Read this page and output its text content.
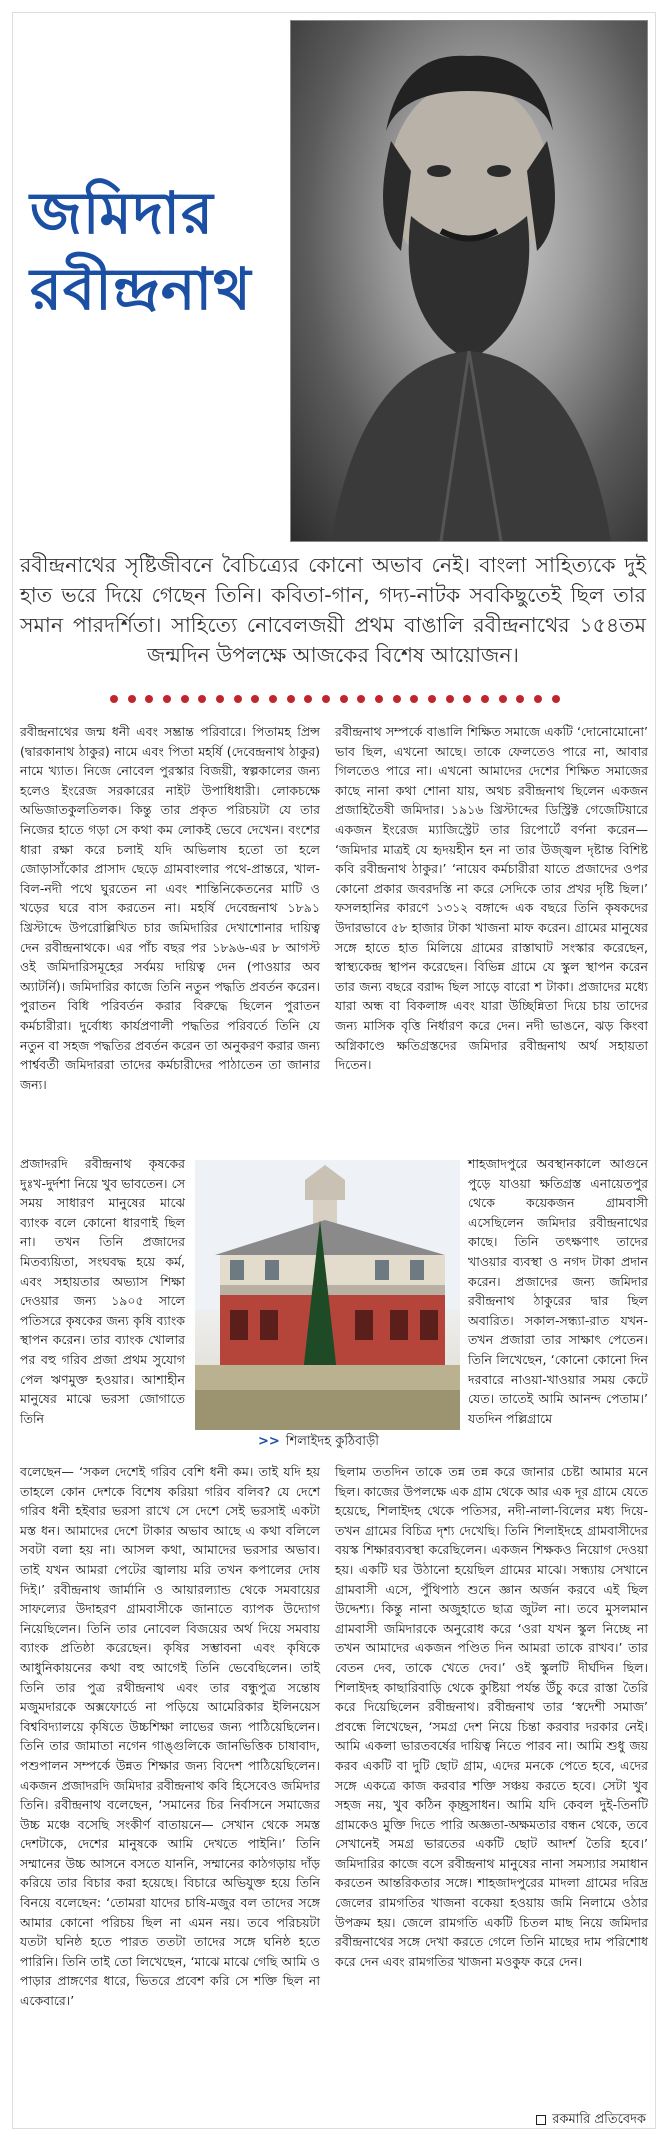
জমিদার
রবীন্দ্রনাথ
রবীন্দ্রনাথের সৃষ্টিজীবনে বৈচিত্র্যের কোনো অভাব নেই। বাংলা সাহিত্যকে দুই হাত ভরে দিয়ে গেছেন তিনি। কবিতা-গান, গদ্য-নাটক সবকিছুতেই ছিল তার সমান পারদর্শিতা। সাহিত্যে নোবেলজয়ী প্রথম বাঙালি রবীন্দ্রনাথের ১৫৪তম জন্মদিন উপলক্ষে আজকের বিশেষ আয়োজন।

রবীন্দ্রনাথের জন্ম ধনী এবং সম্ভ্রান্ত পরিবারে। পিতামহ প্রিন্স (দ্বারকানাথ ঠাকুর) নামে এবং পিতা মহর্ষি (দেবেন্দ্রনাথ ঠাকুর) নামে খ্যাত। নিজে নোবেল পুরস্কার বিজয়ী, স্বল্পকালের জন্য হলেও ইংরেজ সরকারের নাইট উপাধিধারী। লোকচক্ষে অভিজাতকুলতিলক। কিন্তু তার প্রকৃত পরিচয়টা যে তার নিজের হাতে গড়া সে কথা কম লোকই ভেবে দেখেন। বংশের ধারা রক্ষা করে চলাই যদি অভিলাষ হতো তা হলে জোড়াসাঁকোর প্রাসাদ ছেড়ে গ্রামবাংলার পথে-প্রান্তরে, খাল-বিল-নদী পথে ঘুরতেন না এবং শান্তিনিকেতনের মাটি ও খড়ের ঘরে বাস করতেন না। মহর্ষি দেবেন্দ্রনাথ ১৮৯১ খ্রিস্টাব্দে উপরোল্লিখিত চার জমিদারির দেখাশোনার দায়িত্ব দেন রবীন্দ্রনাথকে। এর পাঁচ বছর পর ১৮৯৬-এর ৮ আগস্ট ওই জমিদারিসমূহের সর্বময় দায়িত্ব দেন (পাওয়ার অব অ্যাটর্নি)। জমিদারির কাজে তিনি নতুন পদ্ধতি প্রবর্তন করেন। পুরাতন বিধি পরিবর্তন করার বিরুদ্ধে ছিলেন পুরাতন কর্মচারীরা। দুর্বোধ্য কার্যপ্রণালী পদ্ধতির পরিবর্তে তিনি যে নতুন বা সহজ পদ্ধতির প্রবর্তন করেন তা অনুকরণ করার জন্য পার্শ্ববর্তী জমিদাররা তাদের কর্মচারীদের পাঠাতেন তা জানার জন্য।

রবীন্দ্রনাথ সম্পর্কে বাঙালি শিক্ষিত সমাজে একটি ‘দোনোমোনো’ ভাব ছিল, এখনো আছে। তাকে ফেলতেও পারে না, আবার গিলতেও পারে না। এখনো আমাদের দেশের শিক্ষিত সমাজের কাছে নানা কথা শোনা যায়, অথচ রবীন্দ্রনাথ ছিলেন একজন প্রজাহিতৈষী জমিদার। ১৯১৬ খ্রিস্টাব্দের ডিস্ট্রিক্ট গেজেটিয়ারে একজন ইংরেজ ম্যাজিস্ট্রেট তার রিপোর্টে বর্ণনা করেন— ‘জমিদার মাত্রই যে হৃদয়হীন হন না তার উজ্জ্বল দৃষ্টান্ত বিশিষ্ট কবি রবীন্দ্রনাথ ঠাকুর।’ ‘নায়েব কর্মচারীরা যাতে প্রজাদের ওপর কোনো প্রকার জবরদস্তি না করে সেদিকে তার প্রখর দৃষ্টি ছিল।’ ফসলহানির কারণে ১৩১২ বঙ্গাব্দে এক বছরে তিনি কৃষকদের উদারভাবে ৫৮ হাজার টাকা খাজনা মাফ করেন। গ্রামের মানুষের সঙ্গে হাতে হাত মিলিয়ে গ্রামের রাস্তাঘাট সংস্কার করেছেন, স্বাস্থ্যকেন্দ্র স্থাপন করেছেন। বিভিন্ন গ্রামে যে স্কুল স্থাপন করেন তার জন্য বছরে বরাদ্দ ছিল সাড়ে বারো শ টাকা। প্রজাদের মধ্যে যারা অন্ধ বা বিকলাঙ্গ এবং যারা উচ্ছিন্নিতা দিয়ে চায় তাদের জন্য মাসিক বৃত্তি নির্ধারণ করে দেন। নদী ভাঙনে, ঝড় কিংবা অগ্নিকাণ্ডে ক্ষতিগ্রস্তদের জমিদার রবীন্দ্রনাথ অর্থ সহায়তা দিতেন।

প্রজাদরদি রবীন্দ্রনাথ কৃষকের দুঃখ-দুর্দশা নিয়ে খুব ভাবতেন। সে সময় সাধারণ মানুষের মাঝে ব্যাংক বলে কোনো ধারণাই ছিল না। তখন তিনি প্রজাদের মিতব্যয়িতা, সংঘবদ্ধ হয়ে কর্ম, এবং সহায়তার অভ্যাস শিক্ষা দেওয়ার জন্য ১৯০৫ সালে পতিসরে কৃষকের জন্য কৃষি ব্যাংক স্থাপন করেন। তার ব্যাংক খোলার পর বহু গরিব প্রজা প্রথম সুযোগ পেল ঋণমুক্ত হওয়ার। আশাহীন মানুষের মাঝে ভরসা জোগাতে তিনি
>> শিলাইদহ কুঠিবাড়ী
শাহজাদপুরে অবস্থানকালে আগুনে পুড়ে যাওয়া ক্ষতিগ্রস্ত এনায়েতপুর থেকে কয়েকজন গ্রামবাসী এসেছিলেন জমিদার রবীন্দ্রনাথের কাছে। তিনি তৎক্ষণাৎ তাদের খাওয়ার ব্যবস্থা ও নগদ টাকা প্রদান করেন। প্রজাদের জন্য জমিদার রবীন্দ্রনাথ ঠাকুরের দ্বার ছিল অবারিত। সকাল-সন্ধ্যা-রাত যখন-তখন প্রজারা তার সাক্ষাৎ পেতেন। তিনি লিখেছেন, ‘কোনো কোনো দিন দরবারে নাওয়া-খাওয়ার সময় কেটে যেত। তাতেই আমি আনন্দ পেতাম।’ যতদিন পল্লিগ্রামে
বলেছেন— ‘সকল দেশেই গরিব বেশি ধনী কম। তাই যদি হয় তাহলে কোন দেশকে বিশেষ করিয়া গরিব বলিব? যে দেশে গরিব ধনী হইবার ভরসা রাখে সে দেশে সেই ভরসাই একটা মস্ত ধন। আমাদের দেশে টাকার অভাব আছে এ কথা বলিলে সবটা বলা হয় না। আসল কথা, আমাদের ভরসার অভাব। তাই যখন আমরা পেটের জ্বালায় মরি তখন কপালের দোষ দিই।’ রবীন্দ্রনাথ জার্মানি ও আয়ারল্যান্ড থেকে সমবায়ের সাফল্যের উদাহরণ গ্রামবাসীকে জানাতে ব্যাপক উদ্যোগ নিয়েছিলেন। তিনি তার নোবেল বিজয়ের অর্থ দিয়ে সমবায় ব্যাংক প্রতিষ্ঠা করেছেন। কৃষির সম্ভাবনা এবং কৃষিকে আধুনিকায়নের কথা বহু আগেই তিনি ভেবেছিলেন। তাই তিনি তার পুত্র রথীন্দ্রনাথ এবং তার বন্ধুপুত্র সন্তোষ মজুমদারকে অক্সফোর্ডে না পড়িয়ে আমেরিকার ইলিনয়েস বিশ্ববিদ্যালয়ে কৃষিতে উচ্চশিক্ষা লাভের জন্য পাঠিয়েছিলেন। তিনি তার জামাতা নগেন গাঙ্গুলিকে জানভিত্তিক চাষাবাদ, পশুপালন সম্পর্কে উন্নত শিক্ষার জন্য বিদেশ পাঠিয়েছিলেন। একজন প্রজাদরদি জমিদার রবীন্দ্রনাথ কবি হিসেবেও জমিদার তিনি। রবীন্দ্রনাথ বলেছেন, ‘সমানের চির নির্বাসনে সমাজের উচ্চ মঞ্চে বসেছি সংকীর্ণ বাতায়নে— সেখান থেকে সমস্ত দেশটাকে, দেশের মানুষকে আমি দেখতে পাইনি।’ তিনি সম্মানের উচ্চ আসনে বসতে যাননি, সম্মানের কাঠগড়ায় দাঁড় করিয়ে তার বিচার করা হয়েছে। বিচারে অভিযুক্ত হয়ে তিনি বিনয়ে বলেছেন: ‘তোমরা যাদের চাষি-মজুর বল তাদের সঙ্গে আমার কোনো পরিচয় ছিল না এমন নয়। তবে পরিচয়টা যতটা ঘনিষ্ঠ হতে পারত ততটা তাদের সঙ্গে ঘনিষ্ঠ হতে পারিনি। তিনি তাই তো লিখেছেন, ‘মাঝে মাঝে গেছি আমি ও পাড়ার প্রাঙ্গণের ধারে, ভিতরে প্রবেশ করি সে শক্তি ছিল না একেবারে।’
ছিলাম ততদিন তাকে তন্ন তন্ন করে জানার চেষ্টা আমার মনে ছিল। কাজের উপলক্ষে এক গ্রাম থেকে আর এক দূর গ্রামে যেতে হয়েছে, শিলাইদহ থেকে পতিসর, নদী-নালা-বিলের মধ্য দিয়ে-তখন গ্রামের বিচিত্র দৃশ্য দেখেছি। তিনি শিলাইদহে গ্রামবাসীদের বয়স্ক শিক্ষারব্যবস্থা করেছিলেন। একজন শিক্ষকও নিয়োগ দেওয়া হয়। একটি ঘর উঠানো হয়েছিল গ্রামের মাঝে। সন্ধ্যায় সেখানে গ্রামবাসী এসে, পুঁথিপাঠ শুনে জ্ঞান অর্জন করবে এই ছিল উদ্দেশ্য। কিন্তু নানা অজুহাতে ছাত্র জুটল না। তবে মুসলমান গ্রামবাসী জমিদারকে অনুরোধ করে ‘ওরা যখন স্কুল নিচ্ছে না তখন আমাদের একজন পণ্ডিত দিন আমরা তাকে রাখব।’ তার বেতন দেব, তাকে খেতে দেব।’ ওই স্কুলটি দীর্ঘদিন ছিল। শিলাইদহ কাছারিবাড়ি থেকে কুষ্টিয়া পর্যন্ত উঁচু করে রাস্তা তৈরি করে দিয়েছিলেন রবীন্দ্রনাথ। রবীন্দ্রনাথ তার ‘স্বদেশী সমাজ’ প্রবন্ধে লিখেছেন, ‘সমগ্র দেশ নিয়ে চিন্তা করবার দরকার নেই। আমি একলা ভারতবর্ষের দায়িত্ব নিতে পারব না। আমি শুধু জয় করব একটি বা দুটি ছোট গ্রাম, এদের মনকে পেতে হবে, এদের সঙ্গে একত্রে কাজ করবার শক্তি সঞ্চয় করতে হবে। সেটা খুব সহজ নয়, খুব কঠিন কৃচ্ছ্রসাধন। আমি যদি কেবল দুই-তিনটি গ্রামকেও মুক্তি দিতে পারি অজ্ঞতা-অক্ষমতার বন্ধন থেকে, তবে সেখানেই সমগ্র ভারতের একটি ছোট আদর্শ তৈরি হবে।’ জমিদারির কাজে বসে রবীন্দ্রনাথ মানুষের নানা সমস্যার সমাধান করতেন আন্তরিকতার সঙ্গে। শাহজাদপুরের মাদলা গ্রামের দরিদ্র জেলের রামগতির খাজনা বকেয়া হওয়ায় জমি নিলামে ওঠার উপক্রম হয়। জেলে রামগতি একটি চিতল মাছ নিয়ে জমিদার রবীন্দ্রনাথের সঙ্গে দেখা করতে গেলে তিনি মাছের দাম পরিশোধ করে দেন এবং রামগতির খাজনা মওকুফ করে দেন।
রকমারি প্রতিবেদক
